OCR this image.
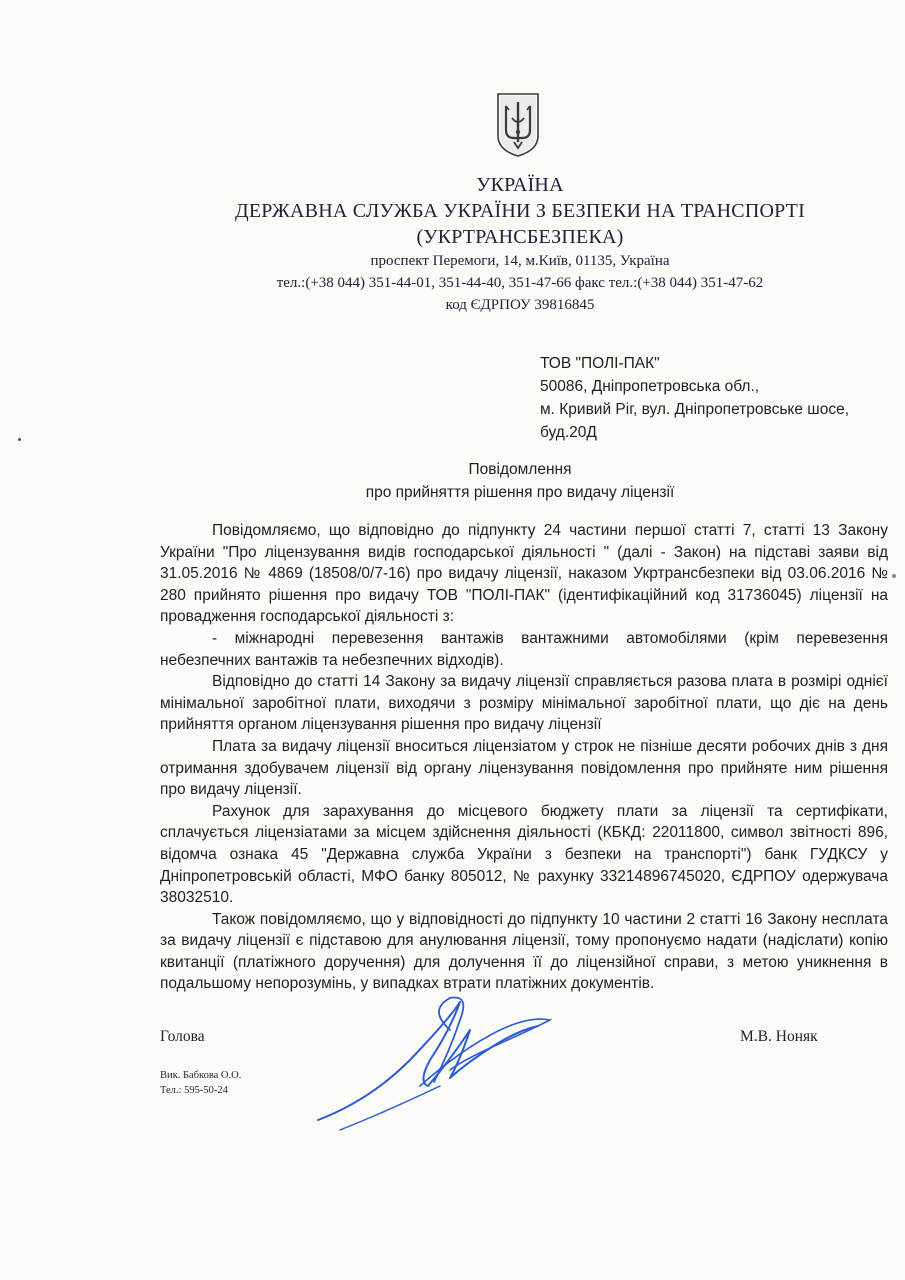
УКРАЇНА
ДЕРЖАВНА СЛУЖБА УКРАЇНИ З БЕЗПЕКИ НА ТРАНСПОРТІ
(УКРТРАНСБЕЗПЕКА)
проспект Перемоги, 14, м.Київ, 01135, Україна
тел.:(+38 044) 351-44-01, 351-44-40, 351-47-66 факс тел.:(+38 044) 351-47-62
код ЄДРПОУ 39816845
ТОВ "ПОЛІ-ПАК"
50086, Дніпропетровська обл.,
м. Кривий Ріг, вул. Дніпропетровське шосе,
буд.20Д
Повідомлення
про прийняття рішення про видачу ліцензії

Повідомляємо, що відповідно до підпункту 24 частини першої статті 7, статті 13 Закону України "Про ліцензування видів господарської діяльності " (далі - Закон) на підставі заяви від 31.05.2016 № 4869 (18508/0/7-16) про видачу ліцензії, наказом Укртрансбезпеки від 03.06.2016 № 280 прийнято рішення про видачу ТОВ "ПОЛІ-ПАК" (ідентифікаційний код 31736045) ліцензії на провадження господарської діяльності з:

- міжнародні перевезення вантажів вантажними автомобілями (крім перевезення небезпечних вантажів та небезпечних відходів).

Відповідно до статті 14 Закону за видачу ліцензії справляється разова плата в розмірі однієї мінімальної заробітної плати, виходячи з розміру мінімальної заробітної плати, що діє на день прийняття органом ліцензування рішення про видачу ліцензії

Плата за видачу ліцензії вноситься ліцензіатом у строк не пізніше десяти робочих днів з дня отримання здобувачем ліцензії від органу ліцензування повідомлення про прийняте ним рішення про видачу ліцензії.

Рахунок для зарахування до місцевого бюджету плати за ліцензії та сертифікати, сплачується ліцензіатами за місцем здійснення діяльності (КБКД: 22011800, символ звітності 896, відомча ознака 45 "Державна служба України з безпеки на транспорті") банк ГУДКСУ у Дніпропетровській області, МФО банку 805012, № рахунку 33214896745020, ЄДРПОУ одержувача 38032510.

Також повідомляємо, що у відповідності до підпункту 10 частини 2 статті 16 Закону несплата за видачу ліцензії є підставою для анулювання ліцензії, тому пропонуємо надати (надіслати) копію квитанції (платіжного доручення) для долучення її до ліцензійної справи, з метою уникнення в подальшому непорозумінь, у випадках втрати платіжних документів.

Голова	М.В. Ноняк
Вик. Бабкова О.О.
Тел.: 595-50-24
